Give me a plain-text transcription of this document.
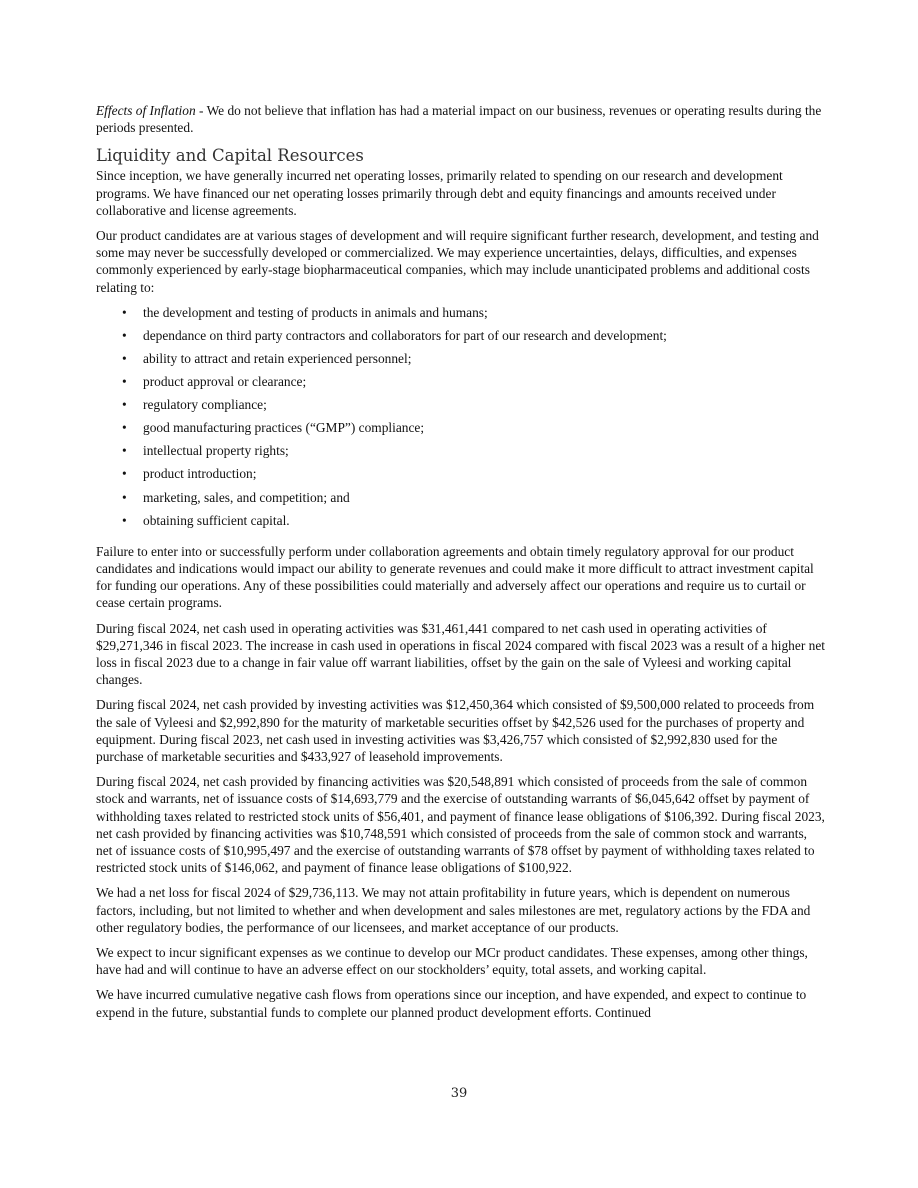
Effects of Inflation - We do not believe that inflation has had a material impact on our business, revenues or operating results during the periods presented.

Liquidity and Capital Resources

Since inception, we have generally incurred net operating losses, primarily related to spending on our research and development programs. We have financed our net operating losses primarily through debt and equity financings and amounts received under collaborative and license agreements.

Our product candidates are at various stages of development and will require significant further research, development, and testing and some may never be successfully developed or commercialized. We may experience uncertainties, delays, difficulties, and expenses commonly experienced by early-stage biopharmaceutical companies, which may include unanticipated problems and additional costs relating to:

• the development and testing of products in animals and humans;
• dependance on third party contractors and collaborators for part of our research and development;
• ability to attract and retain experienced personnel;
• product approval or clearance;
• regulatory compliance;
• good manufacturing practices (“GMP”) compliance;
• intellectual property rights;
• product introduction;
• marketing, sales, and competition; and
• obtaining sufficient capital.

Failure to enter into or successfully perform under collaboration agreements and obtain timely regulatory approval for our product candidates and indications would impact our ability to generate revenues and could make it more difficult to attract investment capital for funding our operations. Any of these possibilities could materially and adversely affect our operations and require us to curtail or cease certain programs.

During fiscal 2024, net cash used in operating activities was $31,461,441 compared to net cash used in operating activities of $29,271,346 in fiscal 2023. The increase in cash used in operations in fiscal 2024 compared with fiscal 2023 was a result of a higher net loss in fiscal 2023 due to a change in fair value off warrant liabilities, offset by the gain on the sale of Vyleesi and working capital changes.

During fiscal 2024, net cash provided by investing activities was $12,450,364 which consisted of $9,500,000 related to proceeds from the sale of Vyleesi and $2,992,890 for the maturity of marketable securities offset by $42,526 used for the purchases of property and equipment. During fiscal 2023, net cash used in investing activities was $3,426,757 which consisted of $2,992,830 used for the purchase of marketable securities and $433,927 of leasehold improvements.

During fiscal 2024, net cash provided by financing activities was $20,548,891 which consisted of proceeds from the sale of common stock and warrants, net of issuance costs of $14,693,779 and the exercise of outstanding warrants of $6,045,642 offset by payment of withholding taxes related to restricted stock units of $56,401, and payment of finance lease obligations of $106,392. During fiscal 2023, net cash provided by financing activities was $10,748,591 which consisted of proceeds from the sale of common stock and warrants, net of issuance costs of $10,995,497 and the exercise of outstanding warrants of $78 offset by payment of withholding taxes related to restricted stock units of $146,062, and payment of finance lease obligations of $100,922.

We had a net loss for fiscal 2024 of $29,736,113. We may not attain profitability in future years, which is dependent on numerous factors, including, but not limited to whether and when development and sales milestones are met, regulatory actions by the FDA and other regulatory bodies, the performance of our licensees, and market acceptance of our products.

We expect to incur significant expenses as we continue to develop our MCr product candidates. These expenses, among other things, have had and will continue to have an adverse effect on our stockholders’ equity, total assets, and working capital.

We have incurred cumulative negative cash flows from operations since our inception, and have expended, and expect to continue to expend in the future, substantial funds to complete our planned product development efforts. Continued

39
